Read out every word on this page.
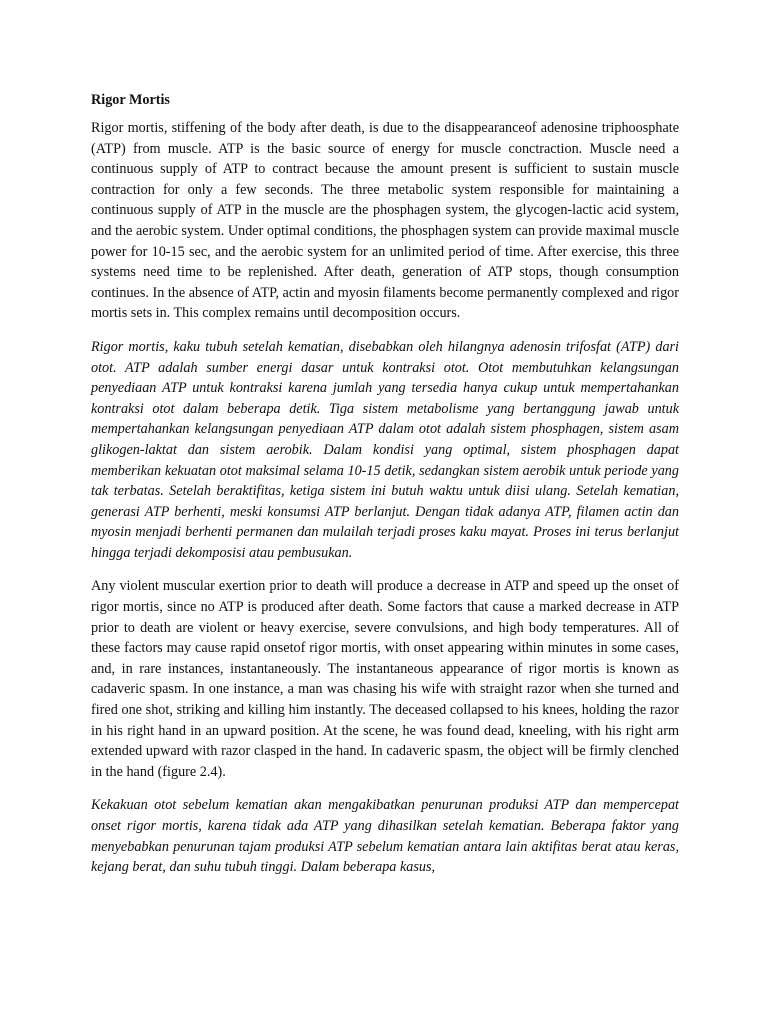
Rigor Mortis

Rigor mortis, stiffening of the body after death, is due to the disappearanceof adenosine triphoosphate (ATP) from muscle. ATP is the basic source of energy for muscle conctraction. Muscle need a continuous supply of ATP to contract because the amount present is sufficient to sustain muscle contraction for only a few seconds. The three metabolic system responsible for maintaining a continuous supply of ATP in the muscle are the phosphagen system, the glycogen-lactic acid system, and the aerobic system. Under optimal conditions, the phosphagen system can provide maximal muscle power for 10-15 sec, and the aerobic system for an unlimited period of time. After exercise, this three systems need time to be replenished. After death, generation of ATP stops, though consumption continues. In the absence of ATP, actin and myosin filaments become permanently complexed and rigor mortis sets in. This complex remains until decomposition occurs.

Rigor mortis, kaku tubuh setelah kematian, disebabkan oleh hilangnya adenosin trifosfat (ATP) dari otot. ATP adalah sumber energi dasar untuk kontraksi otot. Otot membutuhkan kelangsungan penyediaan ATP untuk kontraksi karena jumlah yang tersedia hanya cukup untuk mempertahankan kontraksi otot dalam beberapa detik. Tiga sistem metabolisme yang bertanggung jawab untuk mempertahankan kelangsungan penyediaan ATP dalam otot adalah sistem phosphagen, sistem asam glikogen-laktat dan sistem aerobik. Dalam kondisi yang optimal, sistem phosphagen dapat memberikan kekuatan otot maksimal selama 10-15 detik, sedangkan sistem aerobik untuk periode yang tak terbatas. Setelah beraktifitas, ketiga sistem ini butuh waktu untuk diisi ulang. Setelah kematian, generasi ATP berhenti, meski konsumsi ATP berlanjut. Dengan tidak adanya ATP, filamen actin dan myosin menjadi berhenti permanen dan mulailah terjadi proses kaku mayat. Proses ini terus berlanjut hingga terjadi dekomposisi atau pembusukan.

Any violent muscular exertion prior to death will produce a decrease in ATP and speed up the onset of rigor mortis, since no ATP is produced after death. Some factors that cause a marked decrease in ATP prior to death are violent or heavy exercise, severe convulsions, and high body temperatures. All of these factors may cause rapid onsetof rigor mortis, with onset appearing within minutes in some cases, and, in rare instances, instantaneously. The instantaneous appearance of rigor mortis is known as cadaveric spasm. In one instance, a man was chasing his wife with straight razor when she turned and fired one shot, striking and killing him instantly. The deceased collapsed to his knees, holding the razor in his right hand in an upward position. At the scene, he was found dead, kneeling, with his right arm extended upward with razor clasped in the hand. In cadaveric spasm, the object will be firmly clenched in the hand (figure 2.4).

Kekakuan otot sebelum kematian akan mengakibatkan penurunan produksi ATP dan mempercepat onset rigor mortis, karena tidak ada ATP yang dihasilkan setelah kematian. Beberapa faktor yang menyebabkan penurunan tajam produksi ATP sebelum kematian antara lain aktifitas berat atau keras, kejang berat, dan suhu tubuh tinggi. Dalam beberapa kasus,
